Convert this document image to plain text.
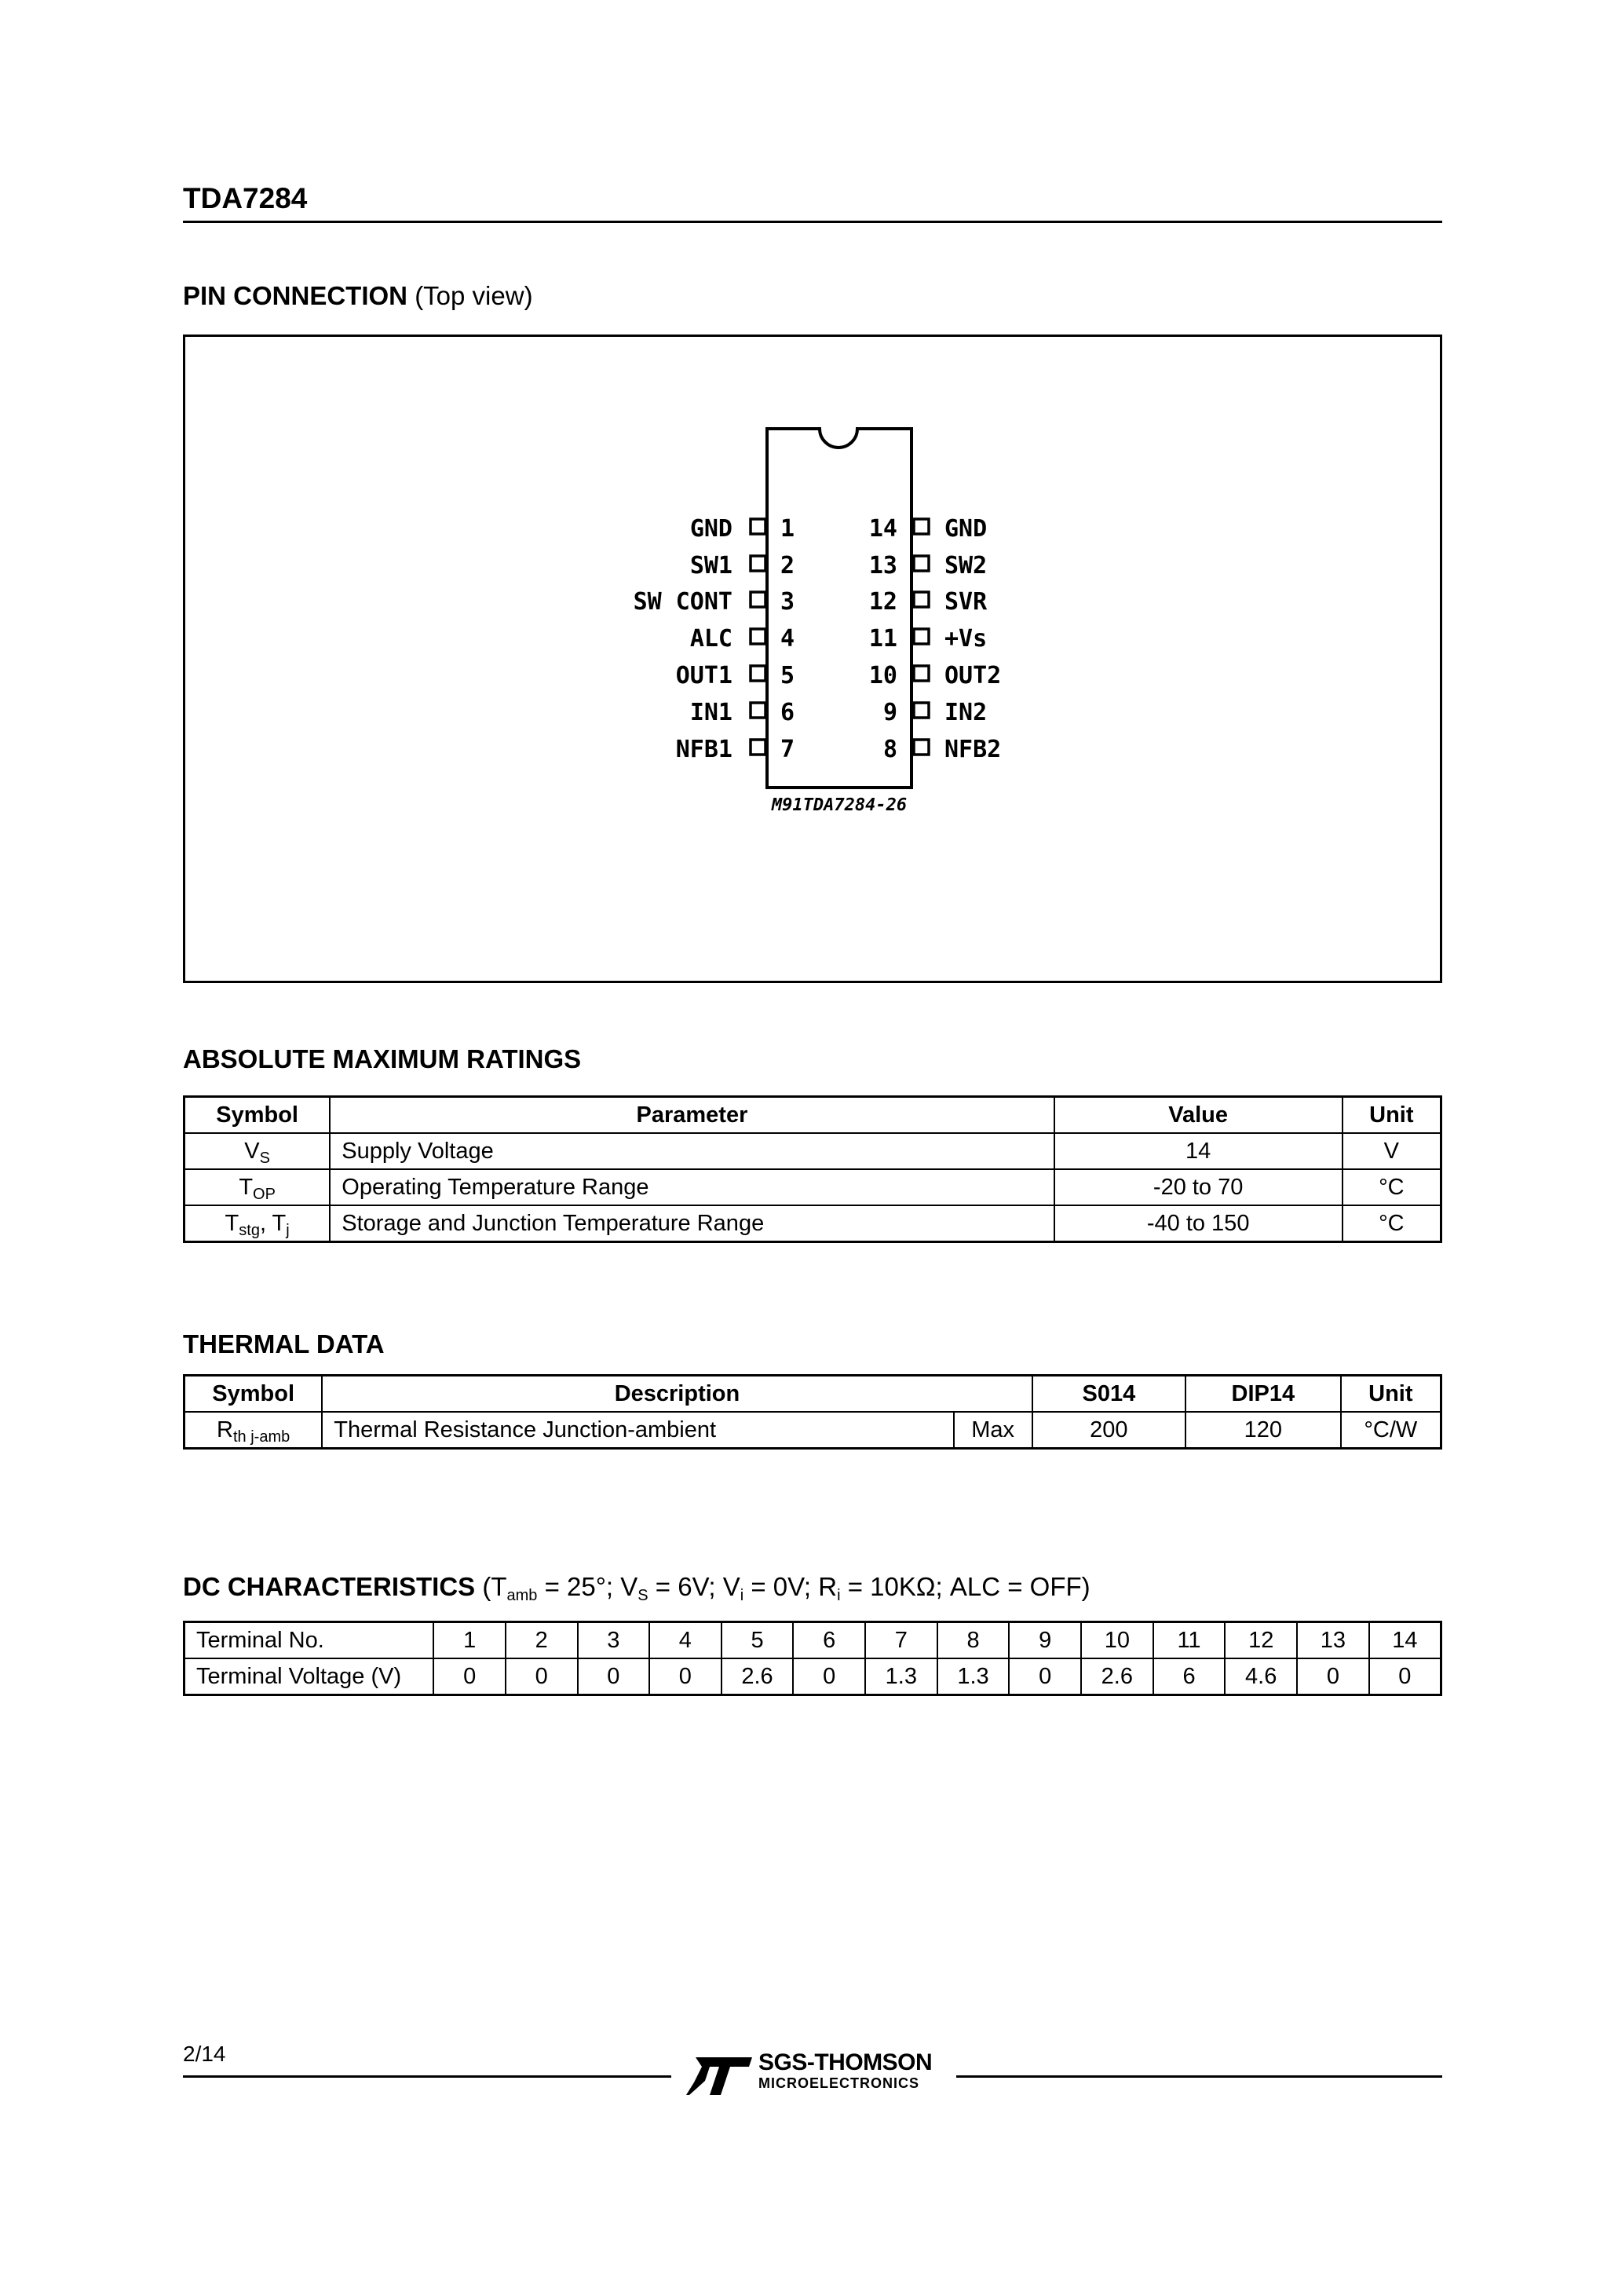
TDA7284
PIN CONNECTION (Top view)
GND 1
SW1 2
SW CONT 3
ALC 4
OUT1 5
IN1 6
NFB1 7
GND
14
SW2
13
SVR
12
+Vs
11
OUT2
10
IN2
9
NFB2
8
M91TDA7284-26
ABSOLUTE MAXIMUM RATINGS
Symbol	Parameter	Value	Unit
$V_S$	Supply Voltage	14	V
$T_{OP}$	Operating Temperature Range	-20 to 70	°C
$T_{stg}$, $T_j$	Storage and Junction Temperature Range	-40 to 150	°C
THERMAL DATA
Symbol	Description		S014	DIP14	Unit
$R_{th j-amb}$	Thermal Resistance Junction-ambient	Max	200	120	°C/W
DC CHARACTERISTICS ($T_{amb} = 25^\circ$; $V_S = 6V$; $V_i = 0V$; $R_i = 10K\Omega$; ALC = OFF)
Terminal No.	1	2	3	4	5	6	7	8	9	10	11	12	13	14
Terminal Voltage (V)	0	0	0	0	2.6	0	1.3	1.3	0	2.6	6	4.6	0	0
2/14	SGS-THOMSON
MICROELECTRONICS
